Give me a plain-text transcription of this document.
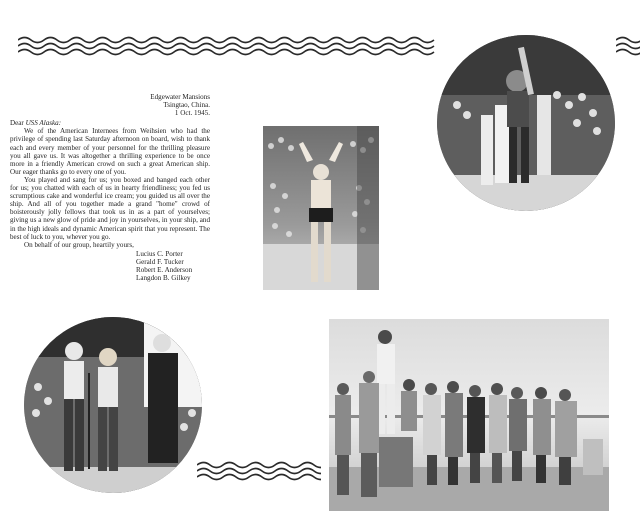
Edgewater Mansions
Tsingtao, China.
1 Oct. 1945.
Dear USS Alaska:

We of the American Internees from Weihsien who had the privilege of spending last Saturday afternoon on board, wish to thank each and every member of your personnel for the thrilling pleasure you all gave us. It was altogether a thrilling experience to be once more in a friendly American crowd on such a great American ship. Our eager thanks go to every one of you.

You played and sang for us; you boxed and banged each other for us; you chatted with each of us in hearty friendliness; you fed us scrumptious cake and wonderful ice cream; you guided us all over the ship. And all of you together made a grand "home" crowd of boisterously jolly fellows that took us in as a part of yourselves; giving us a new glow of pride and joy in yourselves, in your ship, and in the high ideals and dynamic American spirit that you represent. The best of luck to you, whever you go.

On behalf of our group, heartily yours,

Lucius C. Porter
Gerald F. Tucker
Robert E. Anderson
Langdon B. Gilkey
